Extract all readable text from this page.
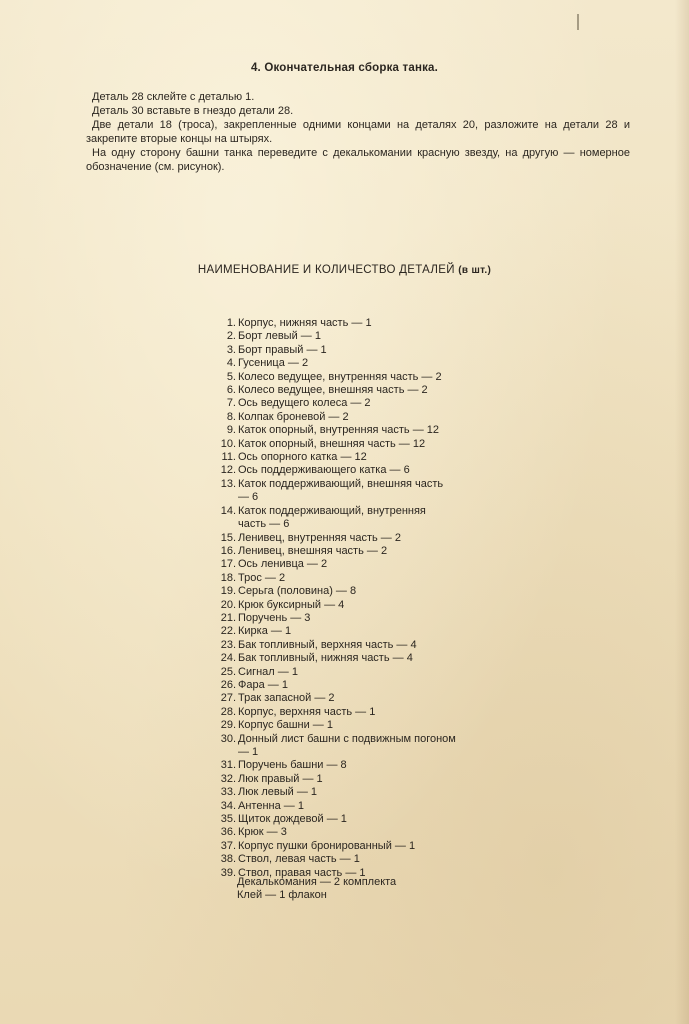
4. Окончательная сборка танка.

Деталь 28 склейте с деталью 1.

Деталь 30 вставьте в гнездо детали 28.

Две детали 18 (троса), закрепленные одними концами на деталях 20, разложите на детали 28 и закрепите вторые концы на штырях.

На одну сторону башни танка переведите с декалькомании красную звезду, на другую — номерное обозначение (см. рисунок).

НАИМЕНОВАНИЕ И КОЛИЧЕСТВО ДЕТАЛЕЙ (в шт.)
1. Корпус, нижняя часть — 1
2. Борт левый — 1
3. Борт правый — 1
4. Гусеница — 2
5. Колесо ведущее, внутренняя часть — 2
6. Колесо ведущее, внешняя часть — 2
7. Ось ведущего колеса — 2
8. Колпак броневой — 2
9. Каток опорный, внутренняя часть — 12
10. Каток опорный, внешняя часть — 12
11. Ось опорного катка — 12
12. Ось поддерживающего катка — 6
13. Каток поддерживающий, внешняя часть — 6
14. Каток поддерживающий, внутренняя часть — 6
15. Ленивец, внутренняя часть — 2
16. Ленивец, внешняя часть — 2
17. Ось ленивца — 2
18. Трос — 2
19. Серьга (половина) — 8
20. Крюк буксирный — 4
21. Поручень — 3
22. Кирка — 1
23. Бак топливный, верхняя часть — 4
24. Бак топливный, нижняя часть — 4
25. Сигнал — 1
26. Фара — 1
27. Трак запасной — 2
28. Корпус, верхняя часть — 1
29. Корпус башни — 1
30. Донный лист башни с подвижным погоном — 1
31. Поручень башни — 8
32. Люк правый — 1
33. Люк левый — 1
34. Антенна — 1
35. Щиток дождевой — 1
36. Крюк — 3
37. Корпус пушки бронированный — 1
38. Ствол, левая часть — 1
39. Ствол, правая часть — 1
Декалькомания — 2 комплекта
Клей — 1 флакон
